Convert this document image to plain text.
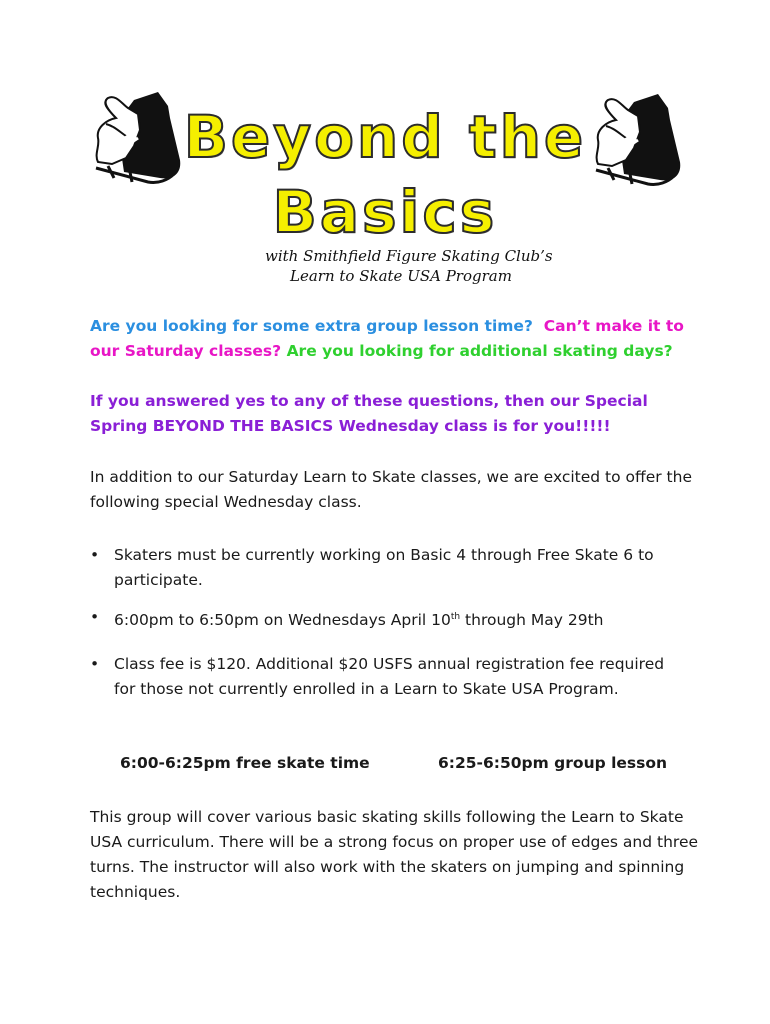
Beyond the
Basics
with Smithfield Figure Skating Club’s
Learn to Skate USA Program
Are you looking for some extra group lesson time? Can’t make it to our Saturday classes? Are you looking for additional skating days?
If you answered yes to any of these questions, then our Special Spring BEYOND THE BASICS Wednesday class is for you!!!!!
In addition to our Saturday Learn to Skate classes, we are excited to offer the following special Wednesday class.
• Skaters must be currently working on Basic 4 through Free Skate 6 to participate.
• 6:00pm to 6:50pm on Wednesdays April 10th through May 29th
• Class fee is $120. Additional $20 USFS annual registration fee required for those not currently enrolled in a Learn to Skate USA Program.
6:00-6:25pm free skate time	6:25-6:50pm group lesson
This group will cover various basic skating skills following the Learn to Skate USA curriculum. There will be a strong focus on proper use of edges and three turns. The instructor will also work with the skaters on jumping and spinning techniques.
